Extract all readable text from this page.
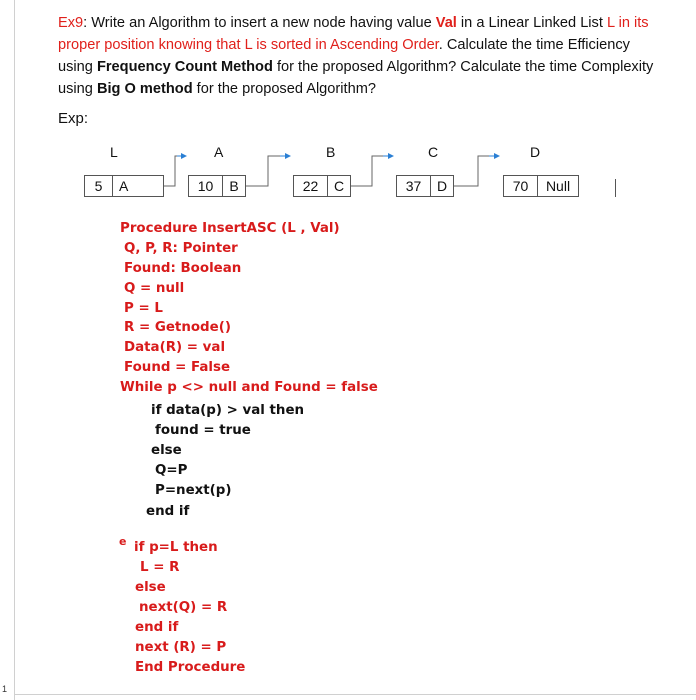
1
Ex9: Write an Algorithm to insert a new node having value Val in a Linear Linked List L in its proper position knowing that L is sorted in Ascending Order. Calculate the time Efficiency using Frequency Count Method for the proposed Algorithm? Calculate the time Complexity using Big O method for the proposed Algorithm?
Exp:
L	A	B	C	D
5	A	10	B	22	C	37	D	70	Null
Procedure InsertASC (L , Val)
Q, P, R: Pointer
Found: Boolean
Q = null
P = L
R = Getnode()
Data(R) = val
Found = False
While p <> null and Found = false
if data(p) > val then
found = true
else
Q=P
P=next(p)
end if
e if p=L then
L = R
else
next(Q) = R
end if
next (R) = P
End Procedure
